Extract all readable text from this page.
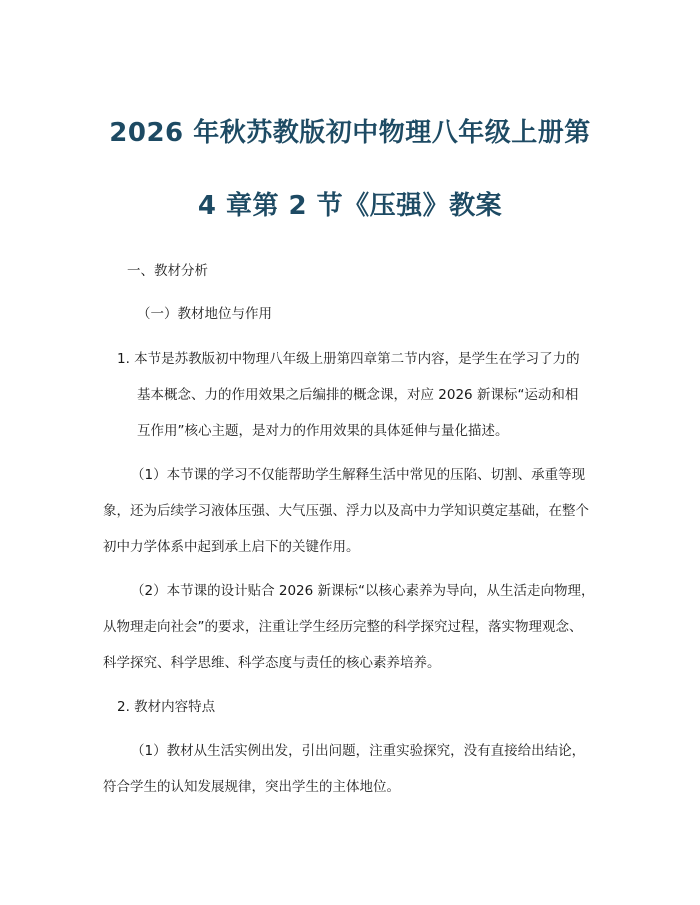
2026 年秋苏教版初中物理八年级上册第
4 章第 2 节《压强》教案
一、教材分析
（一）教材地位与作用
1. 本节是苏教版初中物理八年级上册第四章第二节内容，是学生在学习了力的
基本概念、力的作用效果之后编排的概念课，对应 2026 新课标“运动和相
互作用”核心主题，是对力的作用效果的具体延伸与量化描述。
（1）本节课的学习不仅能帮助学生解释生活中常见的压陷、切割、承重等现
象，还为后续学习液体压强、大气压强、浮力以及高中力学知识奠定基础，在整个
初中力学体系中起到承上启下的关键作用。
（2）本节课的设计贴合 2026 新课标“以核心素养为导向，从生活走向物理，
从物理走向社会”的要求，注重让学生经历完整的科学探究过程，落实物理观念、
科学探究、科学思维、科学态度与责任的核心素养培养。
2. 教材内容特点
（1）教材从生活实例出发，引出问题，注重实验探究，没有直接给出结论，
符合学生的认知发展规律，突出学生的主体地位。
